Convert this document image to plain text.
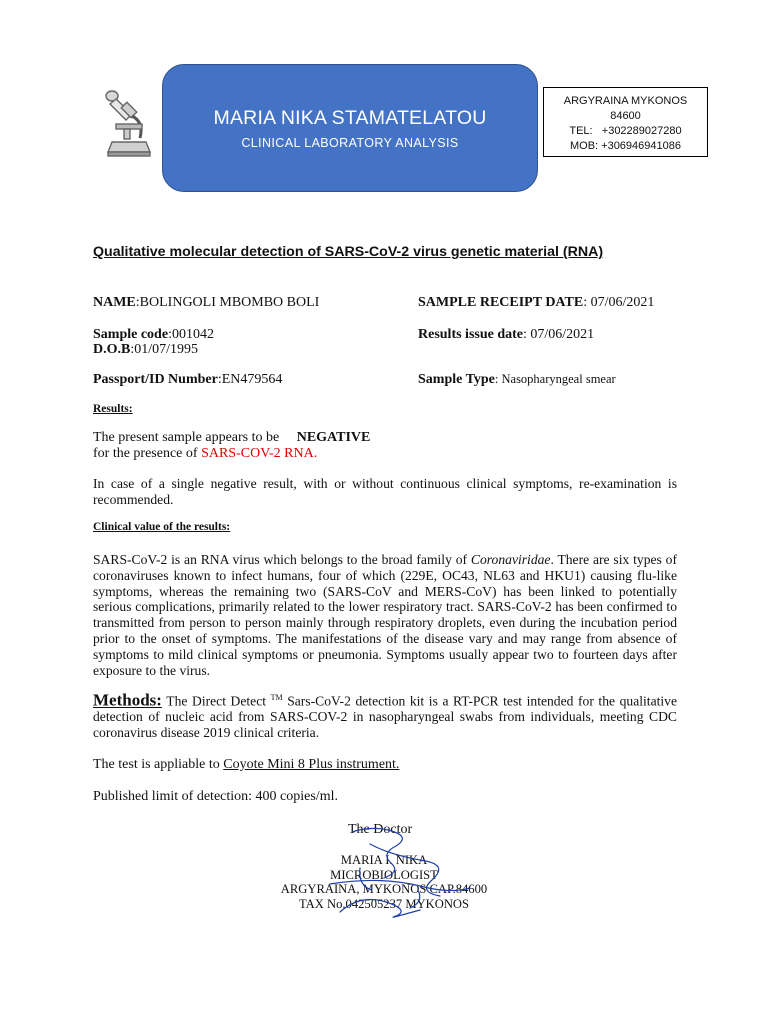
MARIA NIKA STAMATELATOU
CLINICAL LABORATORY ANALYSIS
ARGYRAINA MYKONOS
84600
TEL:   +302289027280
MOB: +306946941086
Qualitative molecular detection of SARS-CoV-2 virus genetic material (RNA)
NAME:BOLINGOLI MBOMBO BOLI	SAMPLE RECEIPT DATE: 07/06/2021
Sample code:001042
D.O.B:01/07/1995
Results issue date: 07/06/2021
Passport/ID Number:EN479564	Sample Type: Nasopharyngeal smear
Results:
The present sample appears to be NEGATIVE
for the presence of SARS-COV-2 RNA.
In case of a single negative result, with or without continuous clinical symptoms, re-examination is recommended.
Clinical value of the results:
SARS-CoV-2 is an RNA virus which belongs to the broad family of Coronaviridae. There are six types of coronaviruses known to infect humans, four of which (229E, OC43, NL63 and HKU1) causing flu-like symptoms, whereas the remaining two (SARS-CoV and MERS-CoV) has been linked to potentially serious complications, primarily related to the lower respiratory tract. SARS-CoV-2 has been confirmed to transmitted from person to person mainly through respiratory droplets, even during the incubation period prior to the onset of symptoms. The manifestations of the disease vary and may range from absence of symptoms to mild clinical symptoms or pneumonia. Symptoms usually appear two to fourteen days after exposure to the virus.
Methods: The Direct Detect ™ Sars-CoV-2 detection kit is a RT-PCR test intended for the qualitative detection of nucleic acid from SARS-COV-2 in nasopharyngeal swabs from individuals, meeting CDC coronavirus disease 2019 clinical criteria.
The test is appliable to Coyote Mini 8 Plus instrument.
Published limit of detection: 400 copies/ml.
The Doctor
MARIA I. NIKA
MICROBIOLOGIST
ARGYRAINA, MYKONOS CAP.84600
TAX No.042505237 MYKONOS
